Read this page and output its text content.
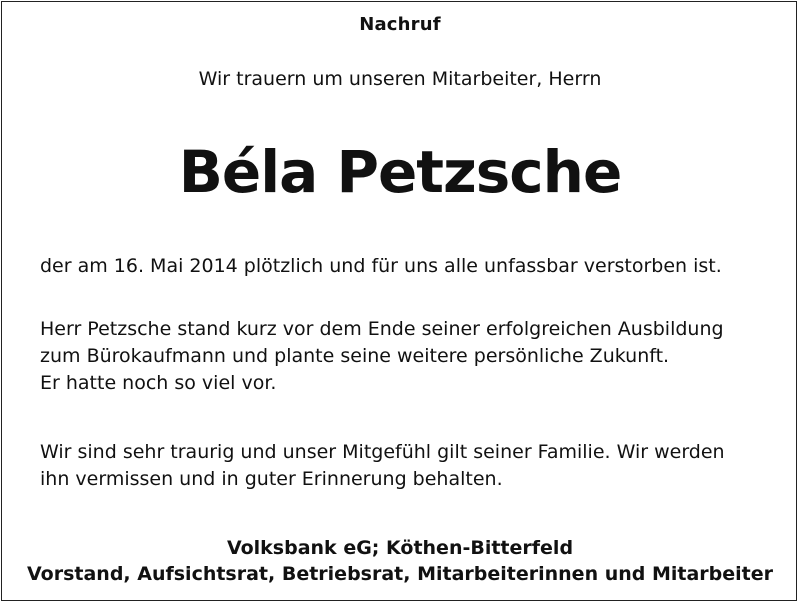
Nachruf
Wir trauern um unseren Mitarbeiter, Herrn
Béla Petzsche
der am 16. Mai 2014 plötzlich und für uns alle unfassbar verstorben ist.
Herr Petzsche stand kurz vor dem Ende seiner erfolgreichen Ausbildung
zum Bürokaufmann und plante seine weitere persönliche Zukunft.
Er hatte noch so viel vor.
Wir sind sehr traurig und unser Mitgefühl gilt seiner Familie. Wir werden
ihn vermissen und in guter Erinnerung behalten.
Volksbank eG; Köthen-Bitterfeld
Vorstand, Aufsichtsrat, Betriebsrat, Mitarbeiterinnen und Mitarbeiter
